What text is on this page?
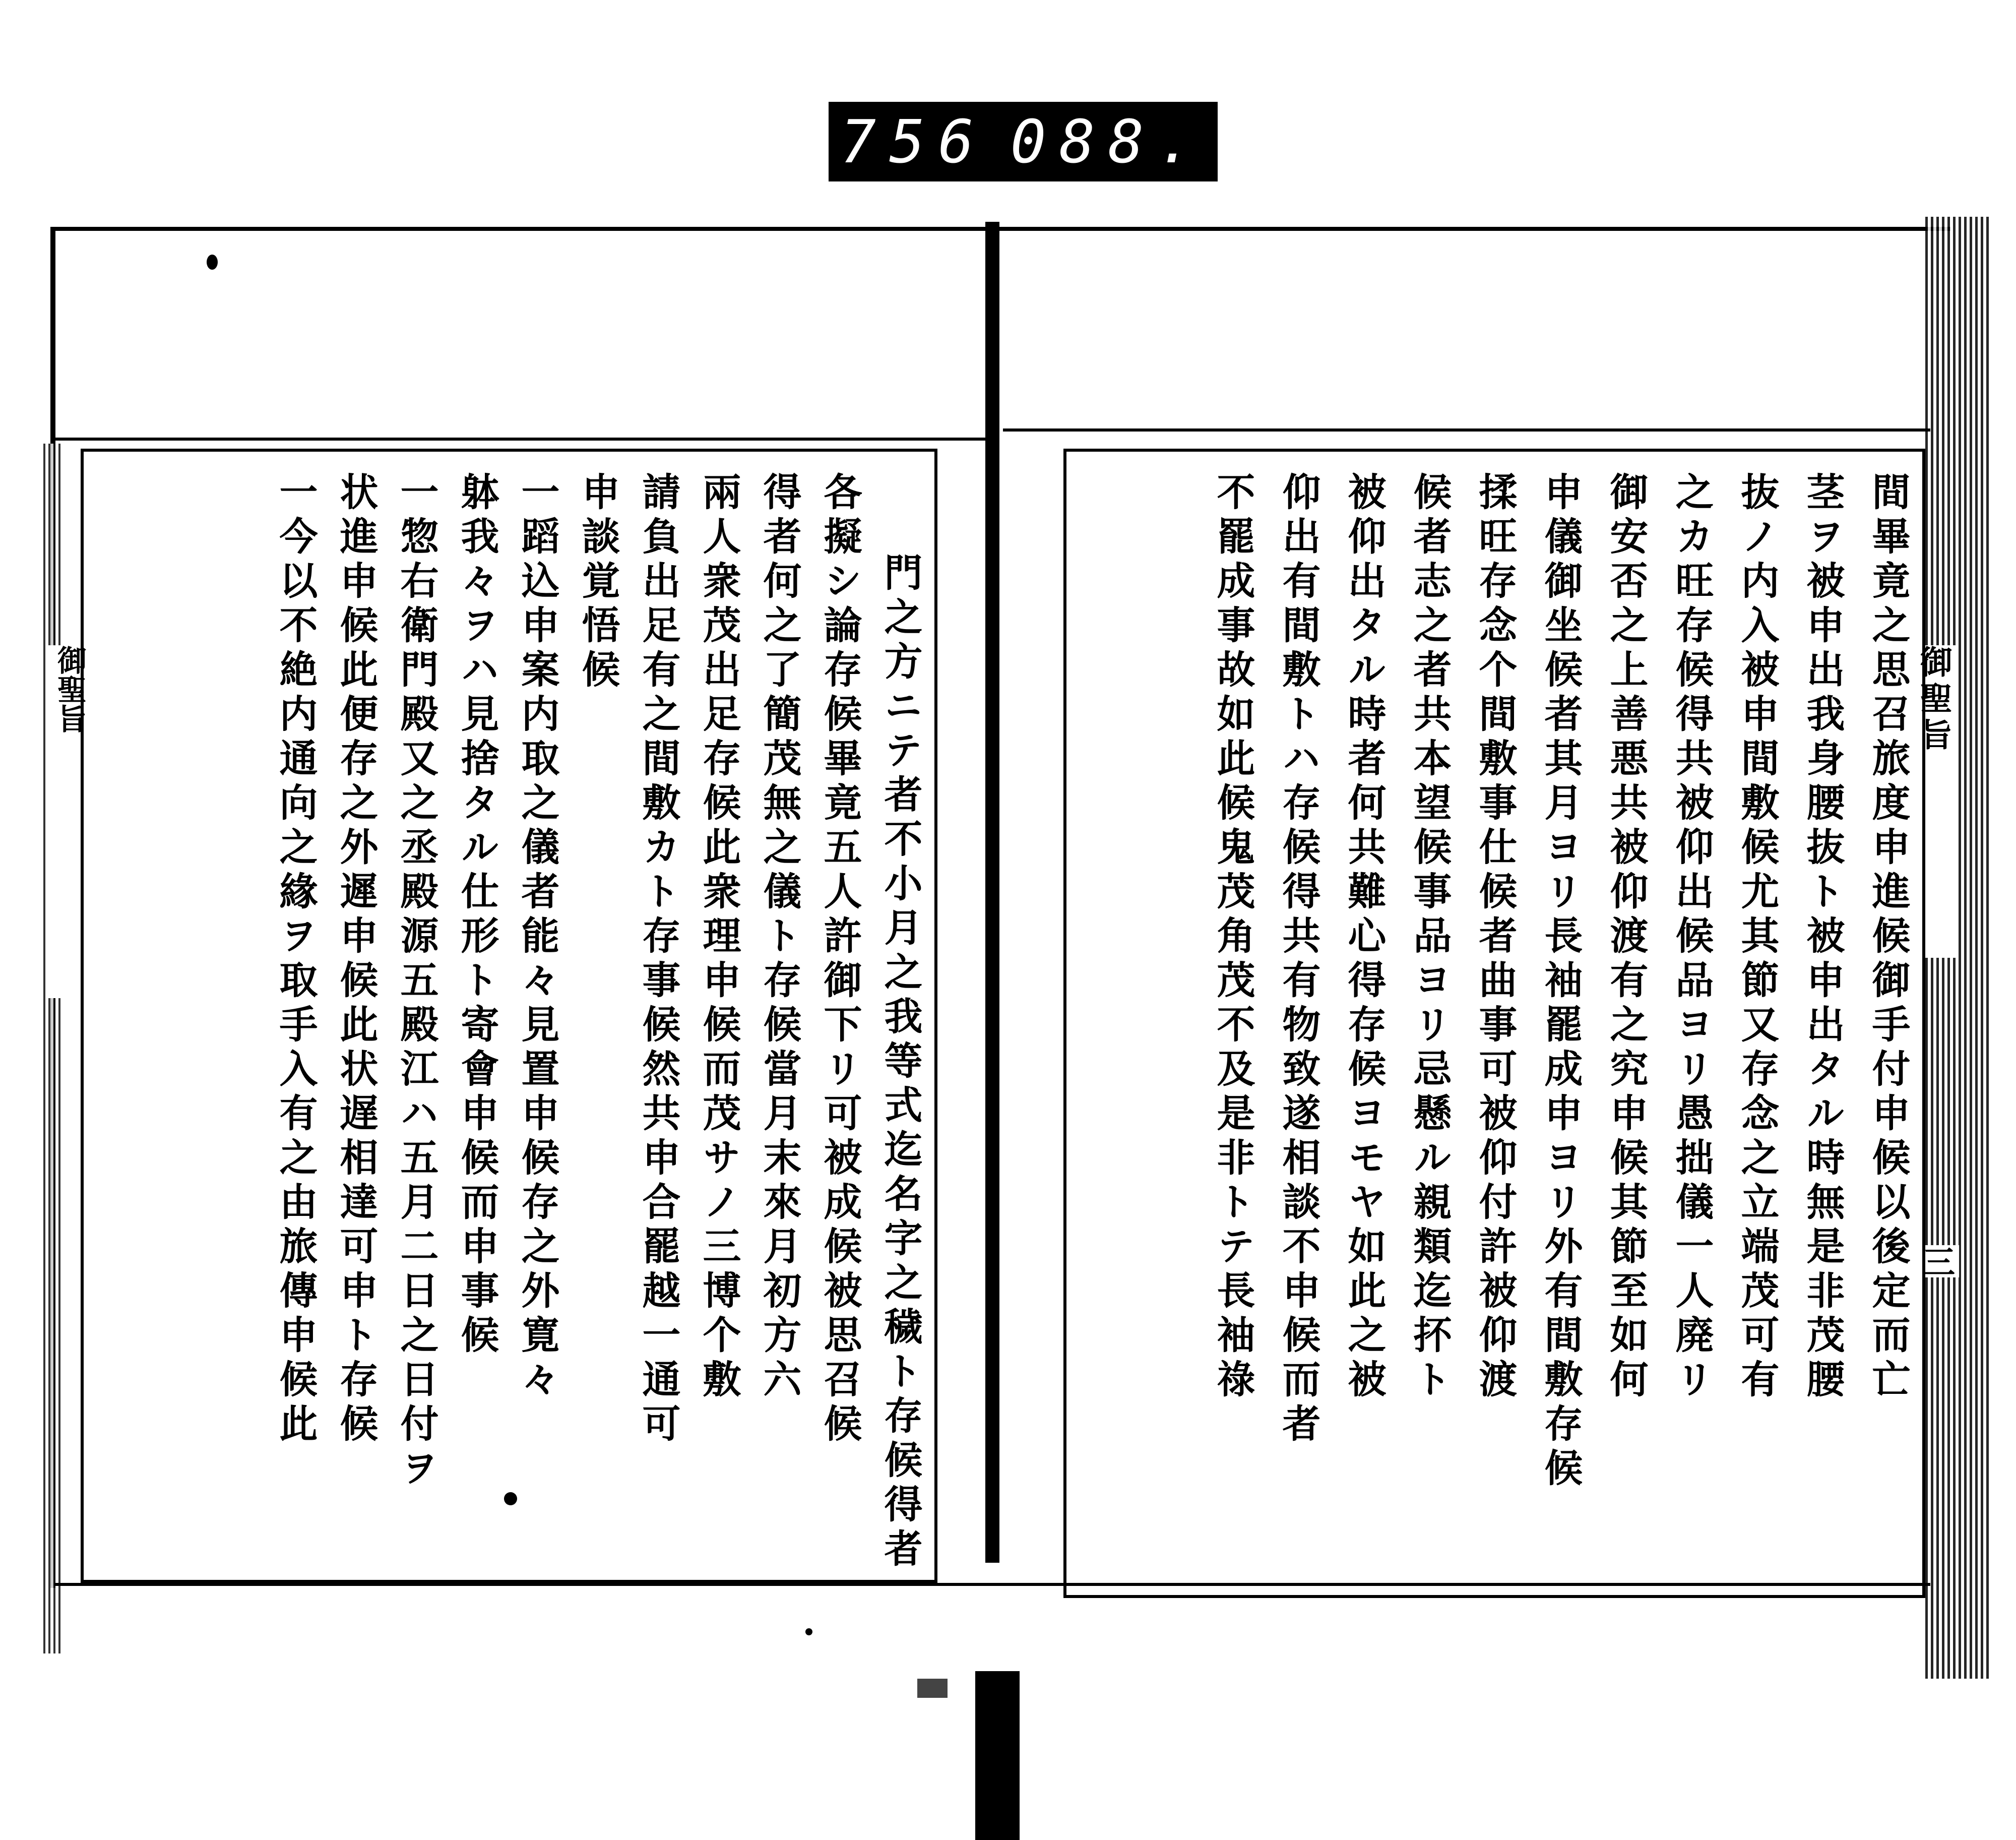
756 088.
御聖旨
三
御聖旨	間畢竟之思召旅度申進候御手付申候以後定而亡
茎ヲ被申出我身腰抜ト被申出タル時無是非茂腰
抜ノ内入被申間敷候尤其節又存念之立端茂可有
之カ旺存候得共被仰出候品ヨリ愚拙儀一人廃リ
御安否之上善悪共被仰渡有之究申候其節至如何
申儀御坐候者其月ヨリ長袖罷成申ヨリ外有間敷存候
揉旺存念个間敷事仕候者曲事可被仰付許被仰渡
候者志之者共本望候事品ヨリ忌懸ル親類迄抔ト
被仰出タル時者何共難心得存候ヨモヤ如此之被
仰出有間敷トハ存候得共有物致遂相談不申候而者
不罷成事故如此候鬼茂角茂不及是非トテ長袖祿
門之方ニテ者不小月之我等式迄名字之穢ト存候得者
各擬シ論存候畢竟五人許御下リ可被成候被思召候
得者何之了簡茂無之儀ト存候當月末來月初方六
兩人衆茂出足存候此衆理申候而茂サノ三博个敷
請負出足有之間敷カト存事候然共申合罷越一通可
申談覚悟候
一蹈込申案内取之儀者能々見置申候存之外寛々
躰我々ヲハ見捨タル仕形ト寄會申候而申事候
一惣右衛門殿又之丞殿源五殿江ハ五月二日之日付ヲ
状進申候此便存之外遲申候此状遅相達可申ト存候
一今以不絶内通向之緣ヲ取手入有之由旅傳申候此
